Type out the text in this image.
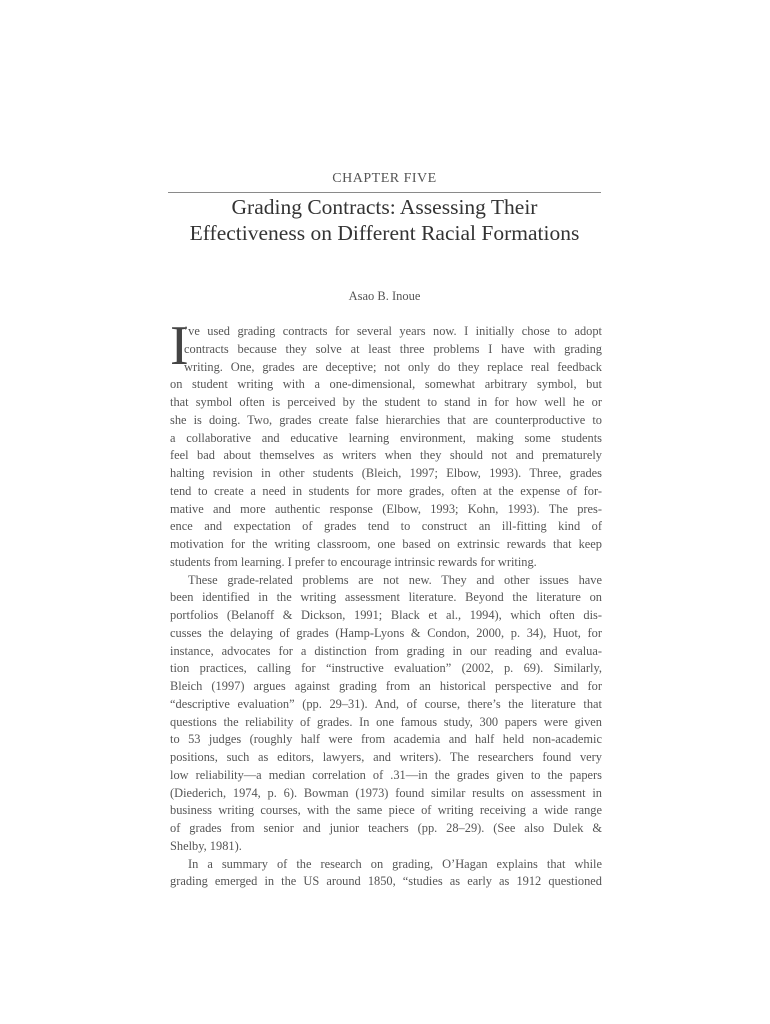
CHAPTER FIVE
Grading Contracts: Assessing Their
Effectiveness on Different Racial Formations
Asao B. Inoue
I
’ve used grading contracts for several years now. I initially chose to adopt
contracts because they solve at least three problems I have with grading
writing. One, grades are deceptive; not only do they replace real feedback
on student writing with a one-dimensional, somewhat arbitrary symbol, but
that symbol often is perceived by the student to stand in for how well he or
she is doing. Two, grades create false hierarchies that are counterproductive to
a collaborative and educative learning environment, making some students
feel bad about themselves as writers when they should not and prematurely
halting revision in other students (Bleich, 1997; Elbow, 1993). Three, grades
tend to create a need in students for more grades, often at the expense of for-
mative and more authentic response (Elbow, 1993; Kohn, 1993). The pres-
ence and expectation of grades tend to construct an ill-fitting kind of
motivation for the writing classroom, one based on extrinsic rewards that keep
students from learning. I prefer to encourage intrinsic rewards for writing.
These grade-related problems are not new. They and other issues have
been identified in the writing assessment literature. Beyond the literature on
portfolios (Belanoff & Dickson, 1991; Black et al., 1994), which often dis-
cusses the delaying of grades (Hamp-Lyons & Condon, 2000, p. 34), Huot, for
instance, advocates for a distinction from grading in our reading and evalua-
tion practices, calling for “instructive evaluation” (2002, p. 69). Similarly,
Bleich (1997) argues against grading from an historical perspective and for
“descriptive evaluation” (pp. 29–31). And, of course, there’s the literature that
questions the reliability of grades. In one famous study, 300 papers were given
to 53 judges (roughly half were from academia and half held non-academic
positions, such as editors, lawyers, and writers). The researchers found very
low reliability—a median correlation of .31—in the grades given to the papers
(Diederich, 1974, p. 6). Bowman (1973) found similar results on assessment in
business writing courses, with the same piece of writing receiving a wide range
of grades from senior and junior teachers (pp. 28–29). (See also Dulek &
Shelby, 1981).
In a summary of the research on grading, O’Hagan explains that while
grading emerged in the US around 1850, “studies as early as 1912 questioned
